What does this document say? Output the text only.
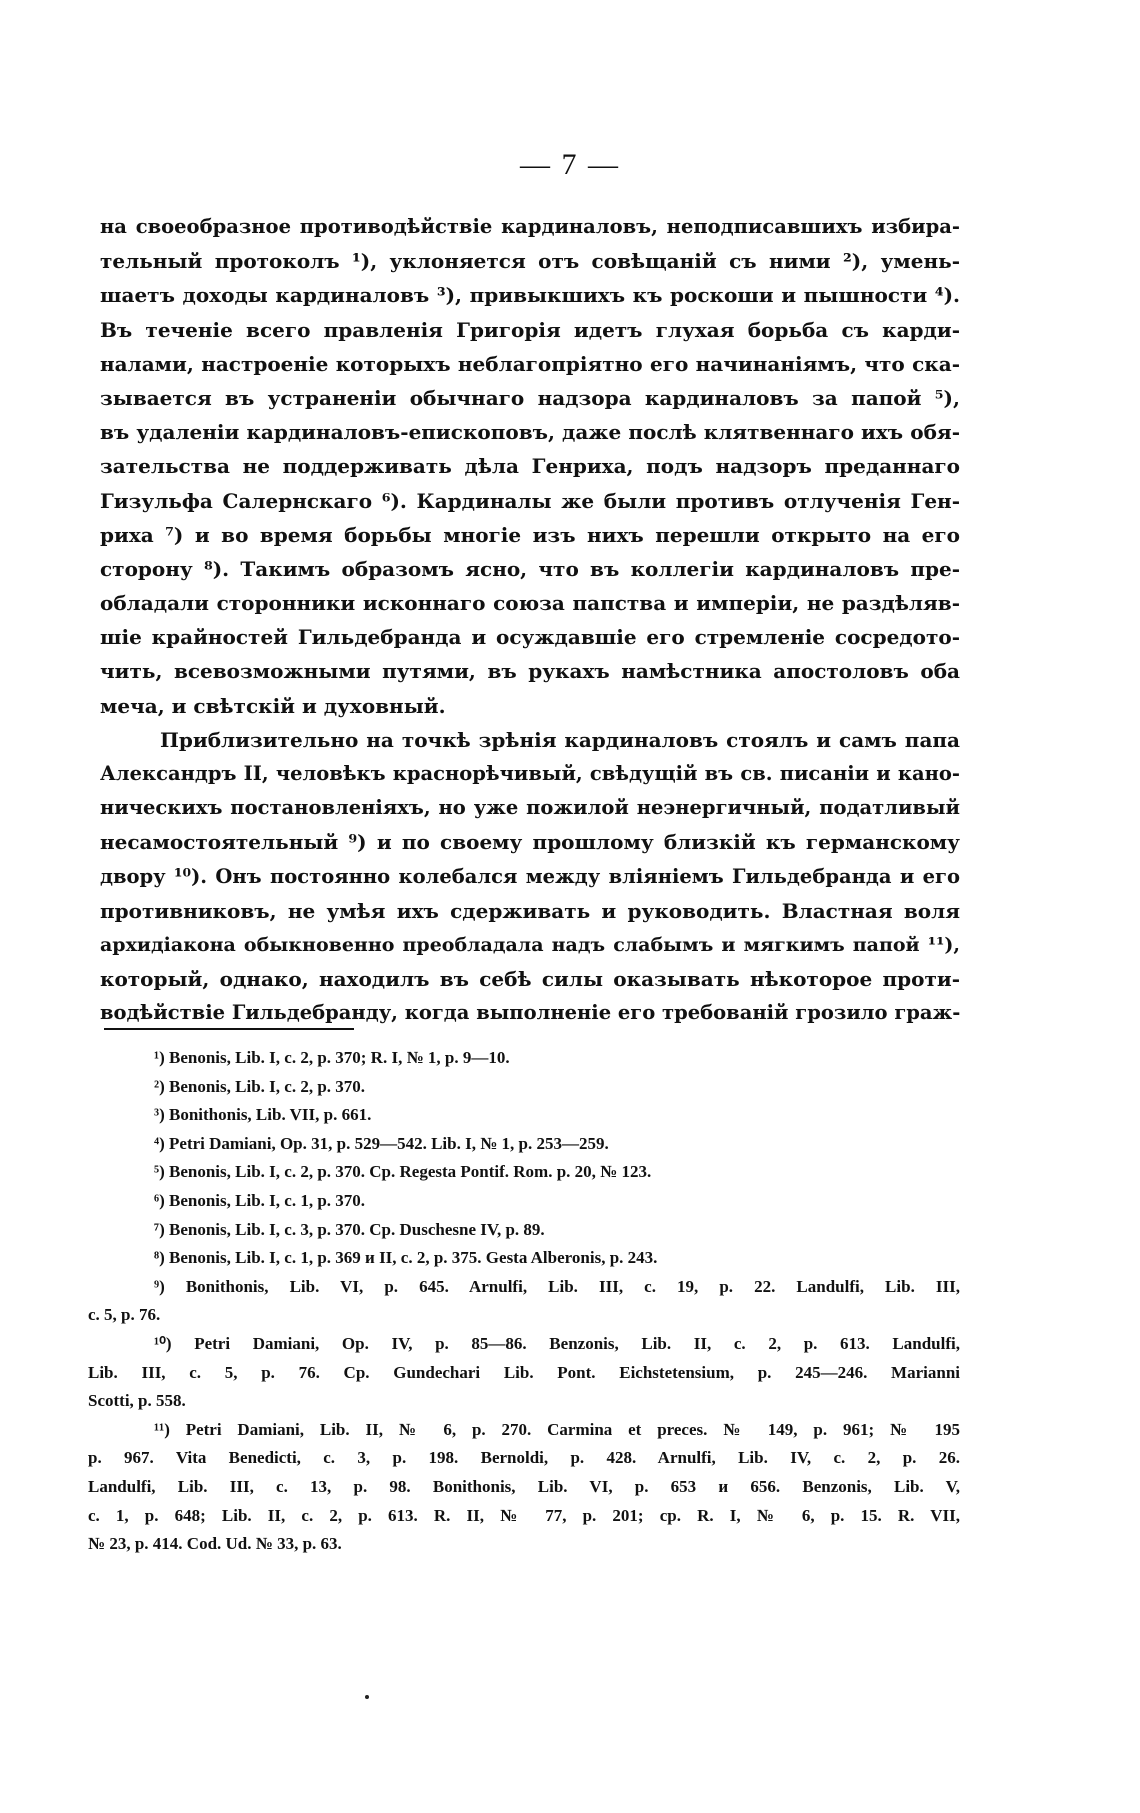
— 7 —
на своеобразное противодѣйствіе кардиналовъ, неподписавшихъ избира-
тельный протоколъ ¹), уклоняется отъ совѣщаній съ ними ²), умень-
шаетъ доходы кардиналовъ ³), привыкшихъ къ роскоши и пышности ⁴).
Въ теченіе всего правленія Григорія идетъ глухая борьба съ карди-
налами, настроеніе которыхъ неблагопріятно его начинаніямъ, что ска-
зывается въ устраненіи обычнаго надзора кардиналовъ за папой ⁵),
въ удаленіи кардиналовъ-епископовъ, даже послѣ клятвеннаго ихъ обя-
зательства не поддерживать дѣла Генриха, подъ надзоръ преданнаго
Гизульфа Салернскаго ⁶). Кардиналы же были противъ отлученія Ген-
риха ⁷) и во время борьбы многіе изъ нихъ перешли открыто на его
сторону ⁸). Такимъ образомъ ясно, что въ коллегіи кардиналовъ пре-
обладали сторонники исконнаго союза папства и имперіи, не раздѣляв-
шіе крайностей Гильдебранда и осуждавшіе его стремленіе сосредото-
чить, всевозможными путями, въ рукахъ намѣстника апостоловъ оба
меча, и свѣтскій и духовный.
Приблизительно на точкѣ зрѣнія кардиналовъ стоялъ и самъ папа
Александръ II, человѣкъ краснорѣчивый, свѣдущій въ св. писаніи и кано-
ническихъ постановленіяхъ, но уже пожилой неэнергичный, податливый
несамостоятельный ⁹) и по своему прошлому близкій къ германскому
двору ¹⁰). Онъ постоянно колебался между вліяніемъ Гильдебранда и его
противниковъ, не умѣя ихъ сдерживать и руководить. Властная воля
архидіакона обыкновенно преобладала надъ слабымъ и мягкимъ папой ¹¹),
который, однако, находилъ въ себѣ силы оказывать нѣкоторое проти-
водѣйствіе Гильдебранду, когда выполненіе его требованій грозило граж-
¹) Benonis, Lib. I, c. 2, p. 370; R. I, № 1, p. 9—10.
²) Benonis, Lib. I, c. 2, p. 370.
³) Bonithonis, Lib. VII, p. 661.
⁴) Petri Damiani, Op. 31, p. 529—542. Lib. I, № 1, p. 253—259.
⁵) Benonis, Lib. I, c. 2, p. 370. Cp. Regesta Pontif. Rom. p. 20, № 123.
⁶) Benonis, Lib. I, c. 1, p. 370.
⁷) Benonis, Lib. I, c. 3, p. 370. Cp. Duschesne IV, p. 89.
⁸) Benonis, Lib. I, c. 1, p. 369 и II, c. 2, p. 375. Gesta Alberonis, p. 243.
⁹) Bonithonis, Lib. VI, p. 645. Arnulfi, Lib. III, c. 19, p. 22. Landulfi, Lib. III,
c. 5, p. 76.
¹⁰) Petri Damiani, Op. IV, p. 85—86. Benzonis, Lib. II, c. 2, p. 613. Landulfi,
Lib. III, c. 5, p. 76. Cp. Gundechari Lib. Pont. Eichstetensium, p. 245—246. Marianni
Scotti, p. 558.
¹¹) Petri Damiani, Lib. II, № 6, p. 270. Carmina et preces. № 149, p. 961; № 195
p. 967. Vita Benedicti, c. 3, p. 198. Bernoldi, p. 428. Arnulfi, Lib. IV, c. 2, p. 26.
Landulfi, Lib. III, c. 13, p. 98. Bonithonis, Lib. VI, p. 653 и 656. Benzonis, Lib. V,
c. 1, p. 648; Lib. II, c. 2, p. 613. R. II, № 77, p. 201; cp. R. I, № 6, p. 15. R. VII,
№ 23, p. 414. Cod. Ud. № 33, p. 63.
